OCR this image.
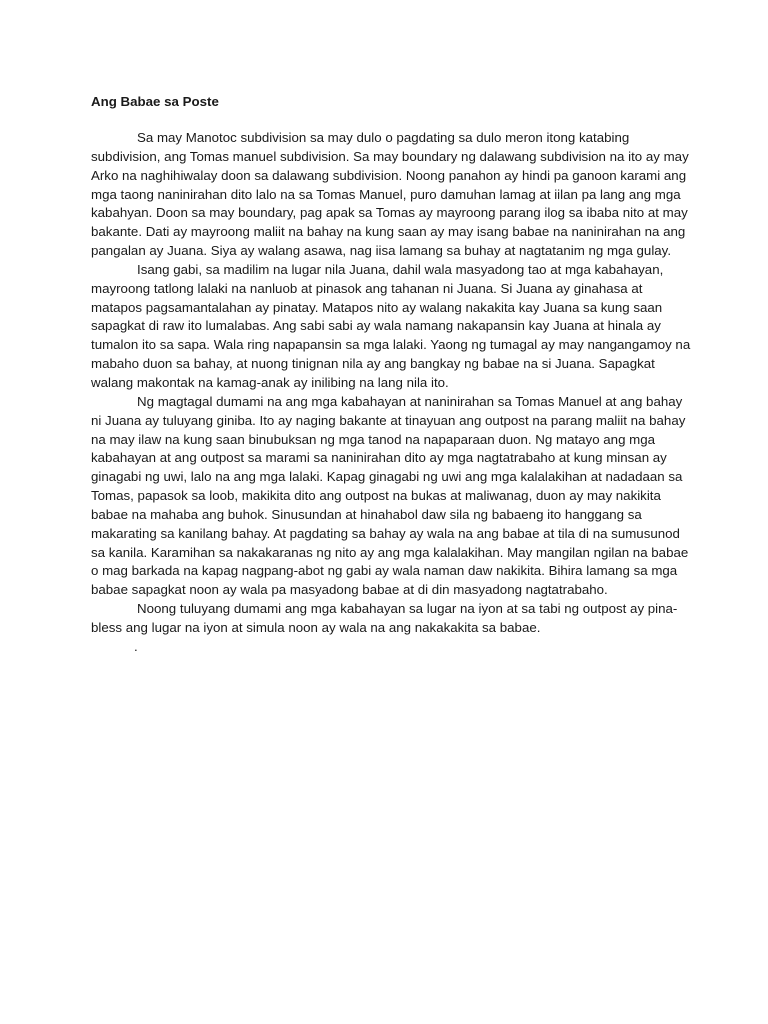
Ang Babae sa Poste

Sa may Manotoc subdivision sa may dulo o pagdating sa dulo meron itong katabing subdivision, ang Tomas manuel subdivision. Sa may boundary ng dalawang subdivision na ito ay may Arko na naghihiwalay doon sa dalawang subdivision. Noong panahon ay hindi pa ganoon karami ang mga taong naninirahan dito lalo na sa Tomas Manuel, puro damuhan lamag at iilan pa lang ang mga kabahyan. Doon sa may boundary, pag apak sa Tomas ay mayroong parang ilog sa ibaba nito at may bakante. Dati ay mayroong maliit na bahay na kung saan ay may isang babae na naninirahan na ang pangalan ay Juana. Siya ay walang asawa, nag iisa lamang sa buhay at nagtatanim ng mga gulay.

Isang gabi, sa madilim na lugar nila Juana, dahil wala masyadong tao at mga kabahayan, mayroong tatlong lalaki na nanluob at pinasok ang tahanan ni Juana. Si Juana ay ginahasa at matapos pagsamantalahan ay pinatay. Matapos nito ay walang nakakita kay Juana sa kung saan sapagkat di raw ito lumalabas. Ang sabi sabi ay wala namang nakapansin kay Juana at hinala ay tumalon ito sa sapa. Wala ring napapansin sa mga lalaki. Yaong ng tumagal ay may nangangamoy na mabaho duon sa bahay, at nuong tinignan nila ay ang bangkay ng babae na si Juana. Sapagkat walang makontak na kamag-anak ay inilibing na lang nila ito.

Ng magtagal dumami na ang mga kabahayan at naninirahan sa Tomas Manuel at ang bahay ni Juana ay tuluyang giniba. Ito ay naging bakante at tinayuan ang outpost na parang maliit na bahay na may ilaw na kung saan binubuksan ng mga tanod na napaparaan duon. Ng matayo ang mga kabahayan at ang outpost sa marami sa naninirahan dito ay mga nagtatrabaho at kung minsan ay ginagabi ng uwi, lalo na ang mga lalaki. Kapag ginagabi ng uwi ang mga kalalakihan at nadadaan sa Tomas, papasok sa loob, makikita dito ang outpost na bukas at maliwanag, duon ay may nakikita babae na mahaba ang buhok. Sinusundan at hinahabol daw sila ng babaeng ito hanggang sa makarating sa kanilang bahay. At pagdating sa bahay ay wala na ang babae at tila di na sumusunod sa kanila. Karamihan sa nakakaranas ng nito ay ang mga kalalakihan. May mangilan ngilan na babae o mag barkada na kapag nagpang-abot ng gabi ay wala naman daw nakikita. Bihira lamang sa mga babae sapagkat noon ay wala pa masyadong babae at di din masyadong nagtatrabaho.

Noong tuluyang dumami ang mga kabahayan sa lugar na iyon at sa tabi ng outpost ay pina-bless ang lugar na iyon at simula noon ay wala na ang nakakakita sa babae.

.
